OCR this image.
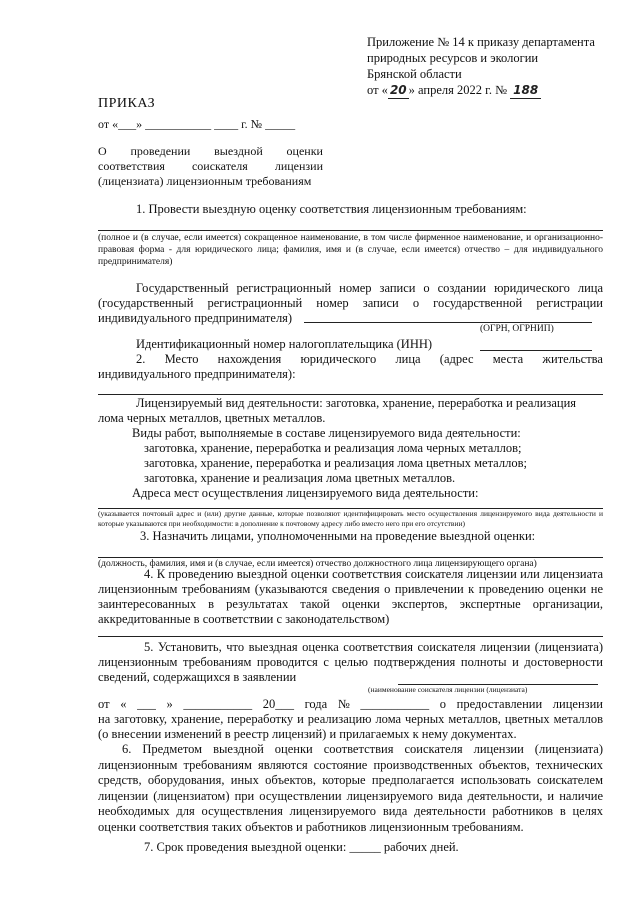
Приложение № 14 к приказу департамента
природных ресурсов и экологии
Брянской области
от « 20 » апреля 2022 г. № 188
ПРИКАЗ
от «___» ___________ ____ г. № _____
О проведении выездной оценки
соответствия соискателя лицензии
(лицензиата) лицензионным требованиям
1. Провести выездную оценку соответствия лицензионным требованиям:
(полное и (в случае, если имеется) сокращенное наименование, в том числе фирменное наименование, и организационно-правовая форма - для юридического лица; фамилия, имя и (в случае, если имеется) отчество – для индивидуального предпринимателя)
Государственный регистрационный номер записи о создании юридического лица (государственный регистрационный номер записи о государственной регистрации индивидуального предпринимателя)
(ОГРН, ОГРНИП)
Идентификационный номер налогоплательщика (ИНН)
2. Место нахождения юридического лица (адрес места жительства
индивидуального предпринимателя):
Лицензируемый вид деятельности: заготовка, хранение, переработка и реализация
лома черных металлов, цветных металлов.
Виды работ, выполняемые в составе лицензируемого вида деятельности:
заготовка, хранение, переработка и реализация лома черных металлов;
заготовка, хранение, переработка и реализация лома цветных металлов;
заготовка, хранение и реализация лома цветных металлов.
Адреса мест осуществления лицензируемого вида деятельности:
(указывается почтовый адрес и (или) другие данные, которые позволяют идентифицировать место осуществления лицензируемого вида деятельности и которые указываются при необходимости: в дополнение к почтовому адресу либо вместо него при его отсутствии)
3. Назначить лицами, уполномоченными на проведение выездной оценки:
(должность, фамилия, имя и (в случае, если имеется) отчество должностного лица лицензирующего органа)
4. К проведению выездной оценки соответствия соискателя лицензии или лицензиата лицензионным требованиям (указываются сведения о привлечении к проведению оценки не заинтересованных в результатах такой оценки экспертов, экспертные организации, аккредитованные в соответствии с законодательством)
5. Установить, что выездная оценка соответствия соискателя лицензии (лицензиата) лицензионным требованиям проводится с целью подтверждения полноты и достоверности сведений, содержащихся в заявлении
(наименование соискателя лицензии (лицензиата)
от « ___ » ___________ 20___ года № ___________ о предоставлении лицензии
на заготовку, хранение, переработку и реализацию лома черных металлов, цветных металлов (о внесении изменений в реестр лицензий) и прилагаемых к нему документах.
6. Предметом выездной оценки соответствия соискателя лицензии (лицензиата) лицензионным требованиям являются состояние производственных объектов, технических средств, оборудования, иных объектов, которые предполагается использовать соискателем лицензии (лицензиатом) при осуществлении лицензируемого вида деятельности, и наличие необходимых для осуществления лицензируемого вида деятельности работников в целях оценки соответствия таких объектов и работников лицензионным требованиям.
7. Срок проведения выездной оценки: _____ рабочих дней.
